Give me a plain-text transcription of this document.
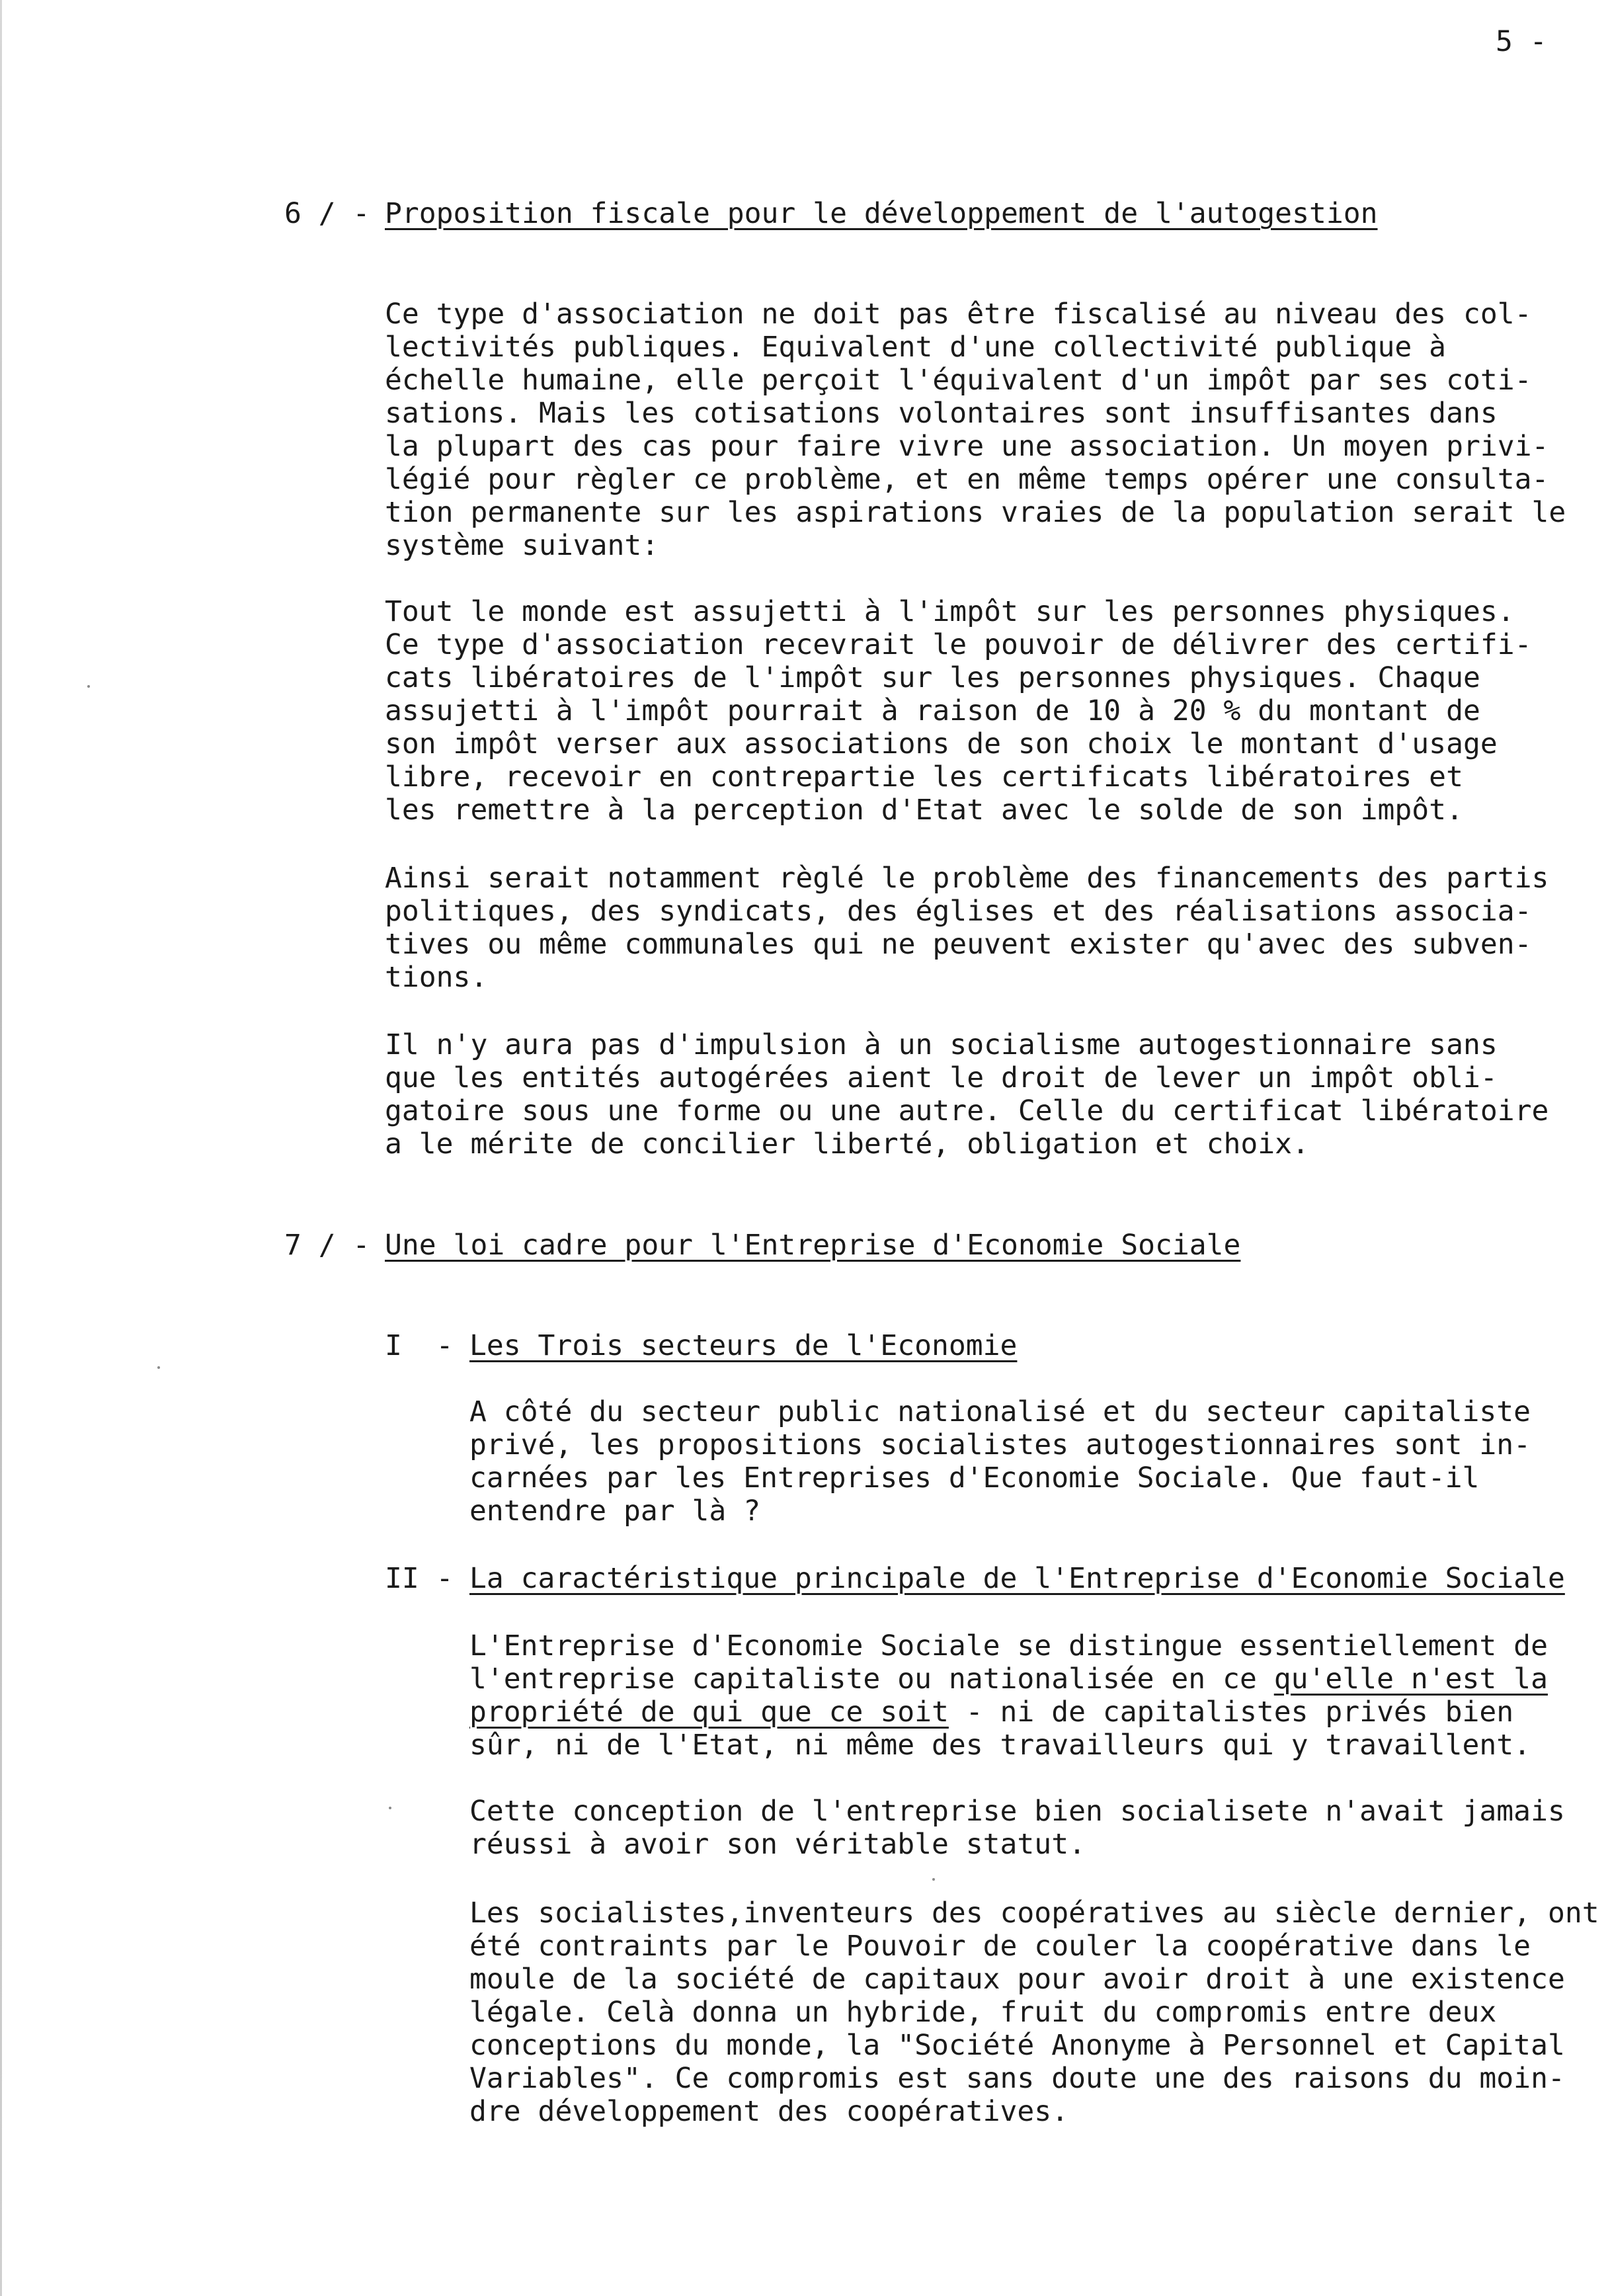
5 -
6 / - Proposition fiscale pour le développement de l'autogestion
Ce type d'association ne doit pas être fiscalisé au niveau des col-
lectivités publiques. Equivalent d'une collectivité publique à
échelle humaine, elle perçoit l'équivalent d'un impôt par ses coti-
sations. Mais les cotisations volontaires sont insuffisantes dans
la plupart des cas pour faire vivre une association. Un moyen privi-
légié pour règler ce problème, et en même temps opérer une consulta-
tion permanente sur les aspirations vraies de la population serait le
système suivant:
Tout le monde est assujetti à l'impôt sur les personnes physiques.
Ce type d'association recevrait le pouvoir de délivrer des certifi-
cats libératoires de l'impôt sur les personnes physiques. Chaque
assujetti à l'impôt pourrait à raison de 10 à 20 % du montant de
son impôt verser aux associations de son choix le montant d'usage
libre, recevoir en contrepartie les certificats libératoires et
les remettre à la perception d'Etat avec le solde de son impôt.
Ainsi serait notamment règlé le problème des financements des partis
politiques, des syndicats, des églises et des réalisations associa-
tives ou même communales qui ne peuvent exister qu'avec des subven-
tions.
Il n'y aura pas d'impulsion à un socialisme autogestionnaire sans
que les entités autogérées aient le droit de lever un impôt obli-
gatoire sous une forme ou une autre. Celle du certificat libératoire
a le mérite de concilier liberté, obligation et choix.
7 / - Une loi cadre pour l'Entreprise d'Economie Sociale
I  - Les Trois secteurs de l'Economie
A côté du secteur public nationalisé et du secteur capitaliste
privé, les propositions socialistes autogestionnaires sont in-
carnées par les Entreprises d'Economie Sociale. Que faut-il
entendre par là ?
II - La caractéristique principale de l'Entreprise d'Economie Sociale
L'Entreprise d'Economie Sociale se distingue essentiellement de
l'entreprise capitaliste ou nationalisée en ce qu'elle n'est la
propriété de qui que ce soit - ni de capitalistes privés bien
sûr, ni de l'Etat, ni même des travailleurs qui y travaillent.
Cette conception de l'entreprise bien socialisete n'avait jamais
réussi à avoir son véritable statut.
Les socialistes,inventeurs des coopératives au siècle dernier, ont
été contraints par le Pouvoir de couler la coopérative dans le
moule de la société de capitaux pour avoir droit à une existence
légale. Celà donna un hybride, fruit du compromis entre deux
conceptions du monde, la "Société Anonyme à Personnel et Capital
Variables". Ce compromis est sans doute une des raisons du moin-
dre développement des coopératives.
